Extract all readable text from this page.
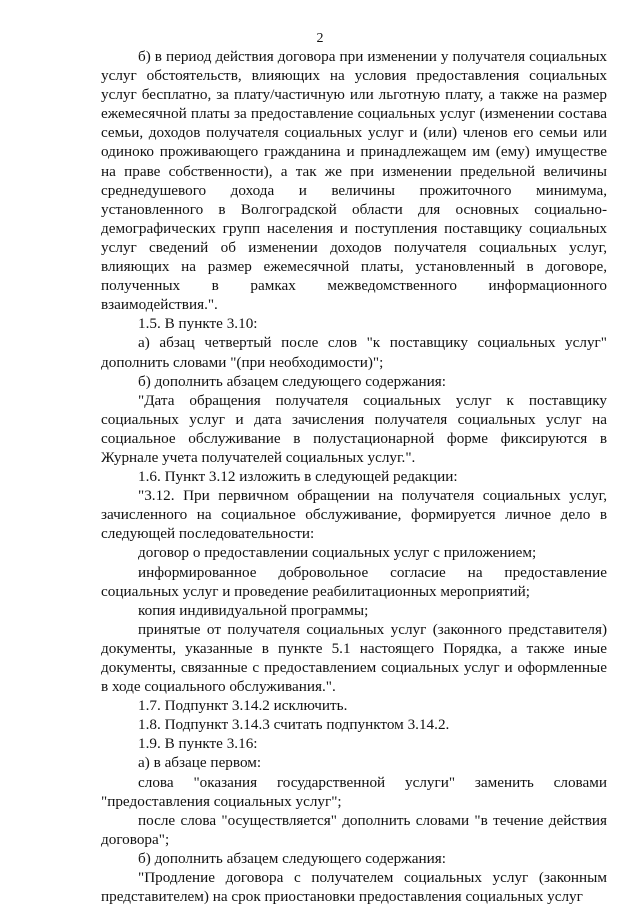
2

б) в период действия договора при изменении у получателя социальных услуг обстоятельств, влияющих на условия предоставления социальных услуг бесплатно, за плату/частичную или льготную плату, а также на размер ежемесячной платы за предоставление социальных услуг (изменении состава семьи, доходов получателя социальных услуг и (или) членов его семьи или одиноко проживающего гражданина и принадлежащем им (ему) имуществе на праве собственности), а так же при изменении предельной величины среднедушевого дохода и величины прожиточного минимума, установленного в Волгоградской области для основных социально-демографических групп населения и поступления поставщику социальных услуг сведений об изменении доходов получателя социальных услуг, влияющих на размер ежемесячной платы, установленный в договоре, полученных в рамках межведомственного информационного взаимодействия.".

1.5. В пункте 3.10:

а) абзац четвертый после слов "к поставщику социальных услуг" дополнить словами "(при необходимости)";

б) дополнить абзацем следующего содержания:

"Дата обращения получателя социальных услуг к поставщику социальных услуг и дата зачисления получателя социальных услуг на социальное обслуживание в полустационарной форме фиксируются в Журнале учета получателей социальных услуг.".

1.6. Пункт 3.12 изложить в следующей редакции:

"3.12. При первичном обращении на получателя социальных услуг, зачисленного на социальное обслуживание, формируется личное дело в следующей последовательности:

договор о предоставлении социальных услуг с приложением;

информированное добровольное согласие на предоставление социальных услуг и проведение реабилитационных мероприятий;

копия индивидуальной программы;

принятые от получателя социальных услуг (законного представителя) документы, указанные в пункте 5.1 настоящего Порядка, а также иные документы, связанные с предоставлением социальных услуг и оформленные в ходе социального обслуживания.".

1.7. Подпункт 3.14.2 исключить.

1.8. Подпункт 3.14.3 считать подпунктом 3.14.2.

1.9. В пункте 3.16:

а) в абзаце первом:

слова "оказания государственной услуги" заменить словами "предоставления социальных услуг";

после слова "осуществляется" дополнить словами "в течение действия договора";

б) дополнить абзацем следующего содержания:

"Продление договора с получателем социальных услуг (законным представителем) на срок приостановки предоставления социальных услуг
